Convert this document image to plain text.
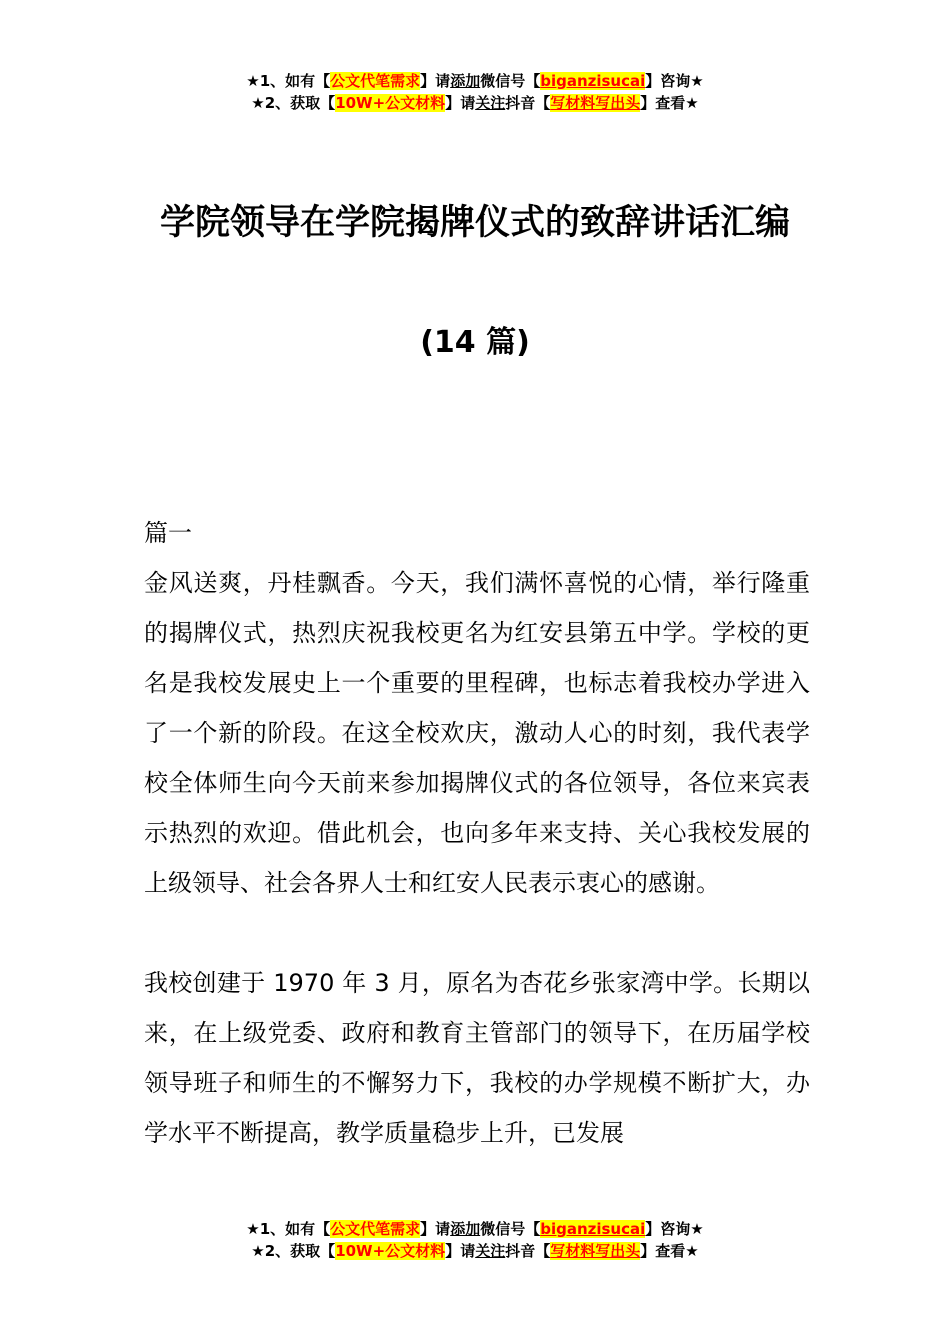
★1、如有【公文代笔需求】请添加微信号【biganzisucai】咨询★
★2、获取【10W+公文材料】请关注抖音【写材料写出头】查看★
学院领导在学院揭牌仪式的致辞讲话汇编
(14 篇)

篇一

金风送爽，丹桂飘香。今天，我们满怀喜悦的心情，举行隆重的揭牌仪式，热烈庆祝我校更名为红安县第五中学。学校的更名是我校发展史上一个重要的里程碑，也标志着我校办学进入了一个新的阶段。在这全校欢庆，激动人心的时刻，我代表学校全体师生向今天前来参加揭牌仪式的各位领导，各位来宾表示热烈的欢迎。借此机会，也向多年来支持、关心我校发展的上级领导、社会各界人士和红安人民表示衷心的感谢。

我校创建于 1970 年 3 月，原名为杏花乡张家湾中学。长期以来，在上级党委、政府和教育主管部门的领导下，在历届学校领导班子和师生的不懈努力下，我校的办学规模不断扩大，办学水平不断提高，教学质量稳步上升，已发展

★1、如有【公文代笔需求】请添加微信号【biganzisucai】咨询★
★2、获取【10W+公文材料】请关注抖音【写材料写出头】查看★
